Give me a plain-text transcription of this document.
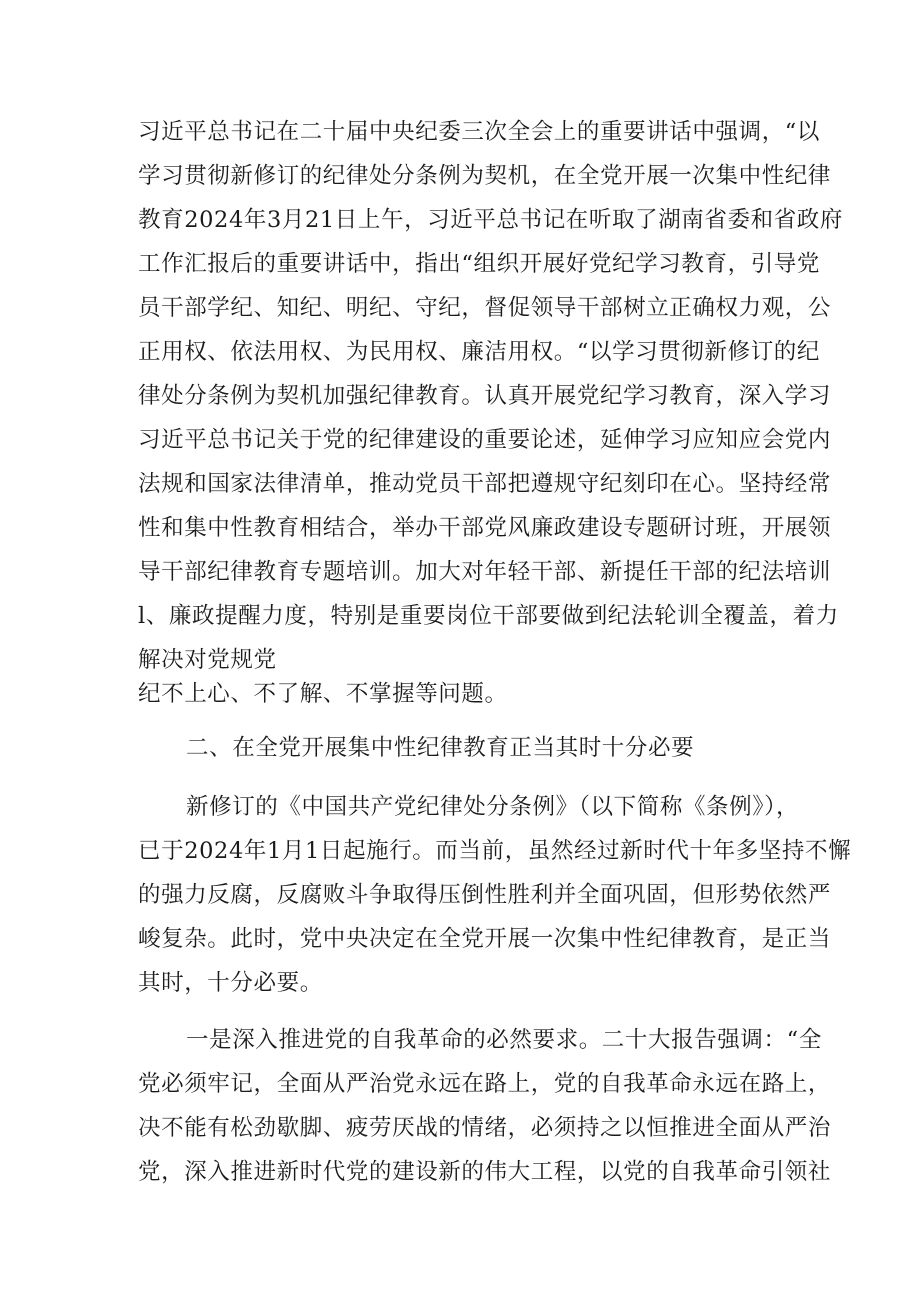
习近平总书记在二十届中央纪委三次全会上的重要讲话中强调，“以
学习贯彻新修订的纪律处分条例为契机，在全党开展一次集中性纪律
教育2024年3月21日上午，习近平总书记在听取了湖南省委和省政府
工作汇报后的重要讲话中，指出“组织开展好党纪学习教育，引导党
员干部学纪、知纪、明纪、守纪，督促领导干部树立正确权力观，公
正用权、依法用权、为民用权、廉洁用权。“以学习贯彻新修订的纪
律处分条例为契机加强纪律教育。认真开展党纪学习教育，深入学习
习近平总书记关于党的纪律建设的重要论述，延伸学习应知应会党内
法规和国家法律清单，推动党员干部把遵规守纪刻印在心。坚持经常
性和集中性教育相结合，举办干部党风廉政建设专题研讨班，开展领
导干部纪律教育专题培训。加大对年轻干部、新提任干部的纪法培训
l、廉政提醒力度，特别是重要岗位干部要做到纪法轮训全覆盖，着力
解决对党规党
纪不上心、不了解、不掌握等问题。
二、在全党开展集中性纪律教育正当其时十分必要
新修订的《中国共产党纪律处分条例》（以下简称《条例》），
已于2024年1月1日起施行。而当前，虽然经过新时代十年多坚持不懈
的强力反腐，反腐败斗争取得压倒性胜利并全面巩固，但形势依然严
峻复杂。此时，党中央决定在全党开展一次集中性纪律教育，是正当
其时，十分必要。
一是深入推进党的自我革命的必然要求。二十大报告强调：“全
党必须牢记，全面从严治党永远在路上，党的自我革命永远在路上，
决不能有松劲歇脚、疲劳厌战的情绪，必须持之以恒推进全面从严治
党，深入推进新时代党的建设新的伟大工程，以党的自我革命引领社
